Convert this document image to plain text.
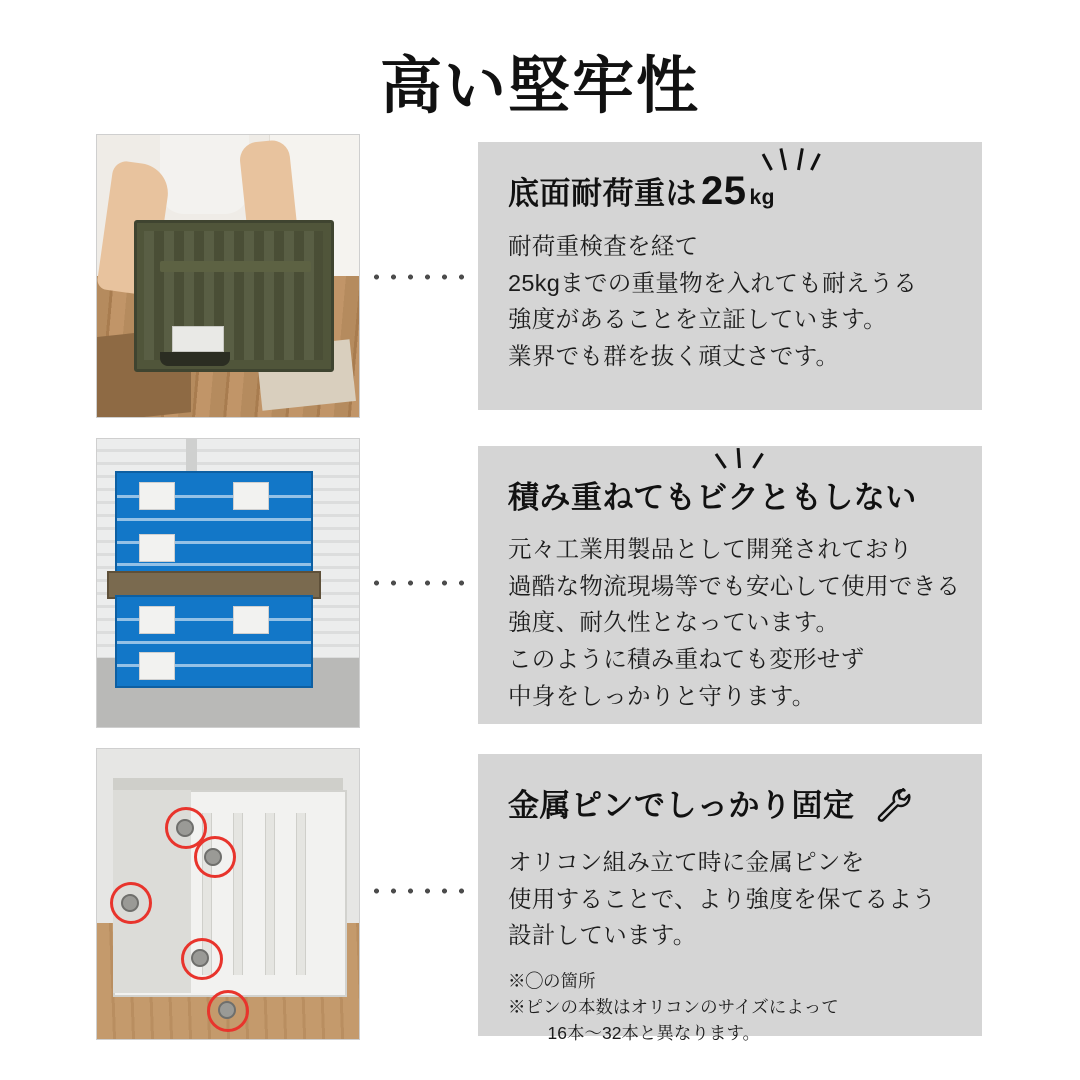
高い堅牢性
底面耐荷重は 25 kg
耐荷重検査を経て
25kgまでの重量物を入れても耐えうる
強度があることを立証しています。
業界でも群を抜く頑丈さです。
積み重ねてもビクともしない
元々工業用製品として開発されており
過酷な物流現場等でも安心して使用できる
強度、耐久性となっています。
このように積み重ねても変形せず
中身をしっかりと守ります。
金属ピンでしっかり固定
オリコン組み立て時に金属ピンを
使用することで、より強度を保てるよう
設計しています。
※◯の箇所
※ピンの本数はオリコンのサイズによって
　16本〜32本と異なります。
